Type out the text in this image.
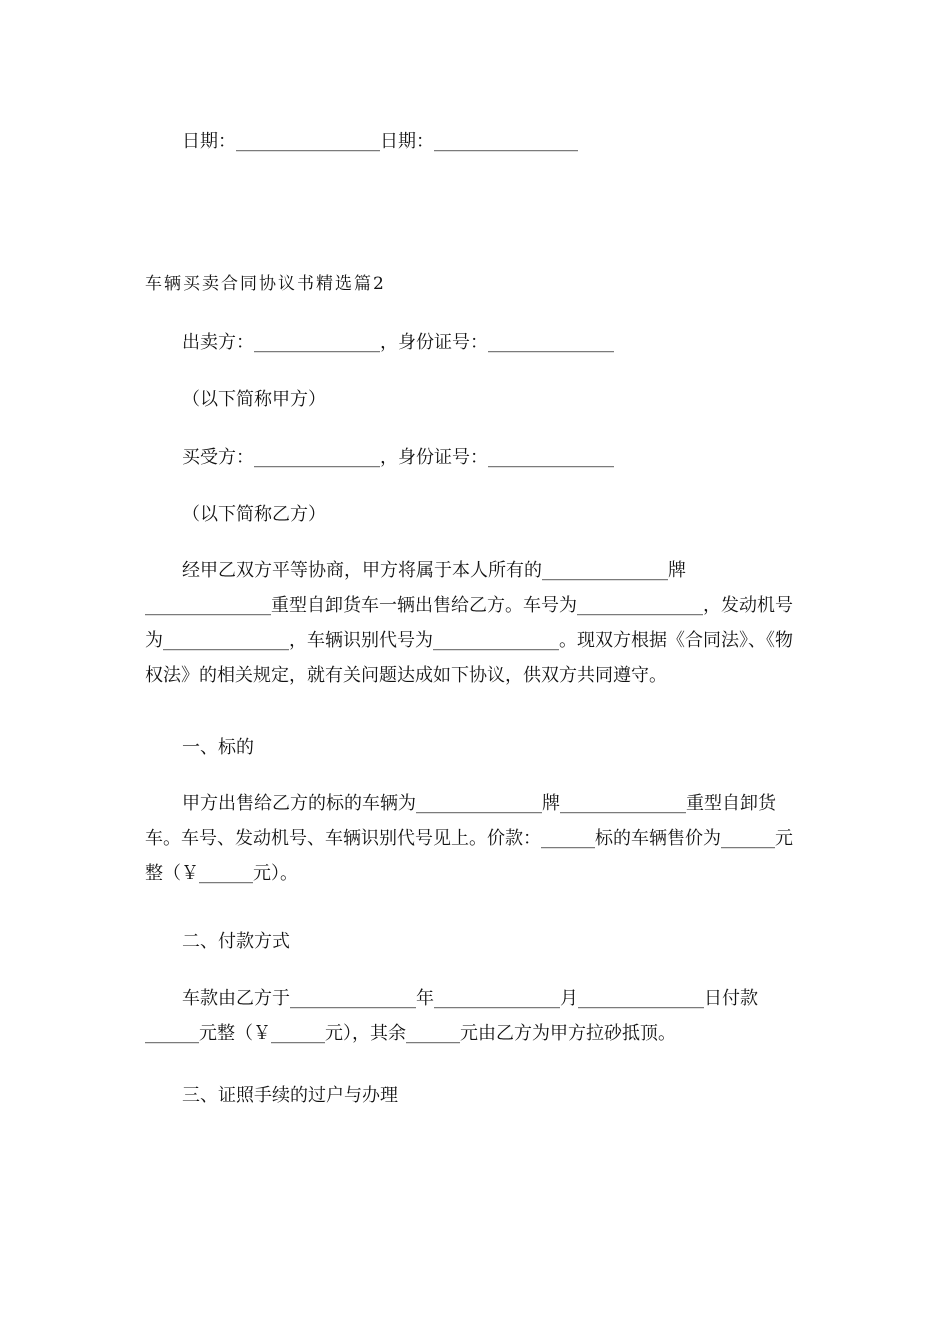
日期：________________日期：________________
车辆买卖合同协议书精选篇2
出卖方：______________，身份证号：______________
（以下简称甲方）
买受方：______________，身份证号：______________
（以下简称乙方）
经甲乙双方平等协商，甲方将属于本人所有的______________牌______________重型自卸货车一辆出售给乙方。车号为______________，发动机号为______________，车辆识别代号为______________。现双方根据《合同法》、《物权法》的相关规定，就有关问题达成如下协议，供双方共同遵守。
一、标的
甲方出售给乙方的标的车辆为______________牌______________重型自卸货车。车号、发动机号、车辆识别代号见上。价款：______标的车辆售价为______元整（￥______元）。
二、付款方式
车款由乙方于______________年______________月______________日付款______元整（￥______元），其余______元由乙方为甲方拉砂抵顶。
三、证照手续的过户与办理
